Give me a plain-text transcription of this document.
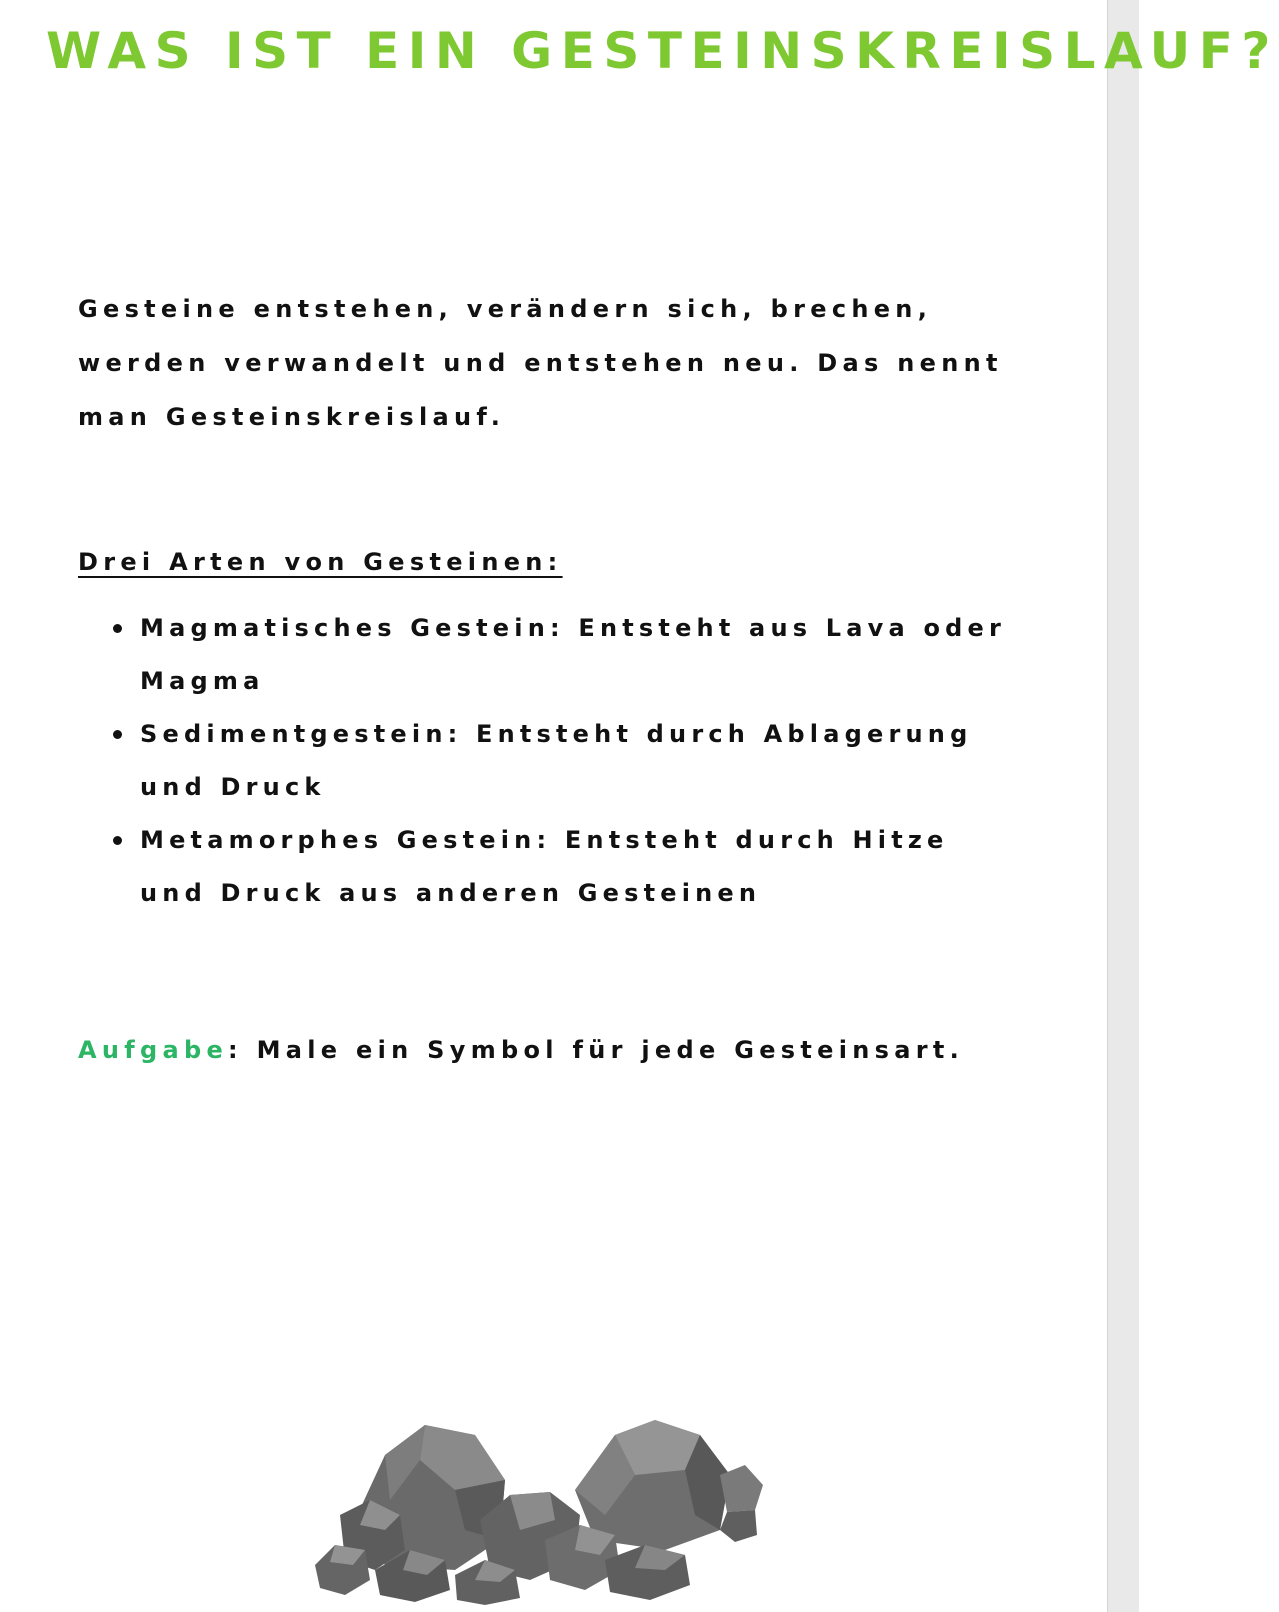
WAS IST EIN GESTEINSKREISLAUF?

Gesteine entstehen, verändern sich, brechen, werden verwandelt und entstehen neu. Das nennt man Gesteinskreislauf.

Drei Arten von Gesteinen:
Magmatisches Gestein: Entsteht aus Lava oder Magma
Sedimentgestein: Entsteht durch Ablagerung und Druck
Metamorphes Gestein: Entsteht durch Hitze und Druck aus anderen Gesteinen

Aufgabe: Male ein Symbol für jede Gesteinsart.
